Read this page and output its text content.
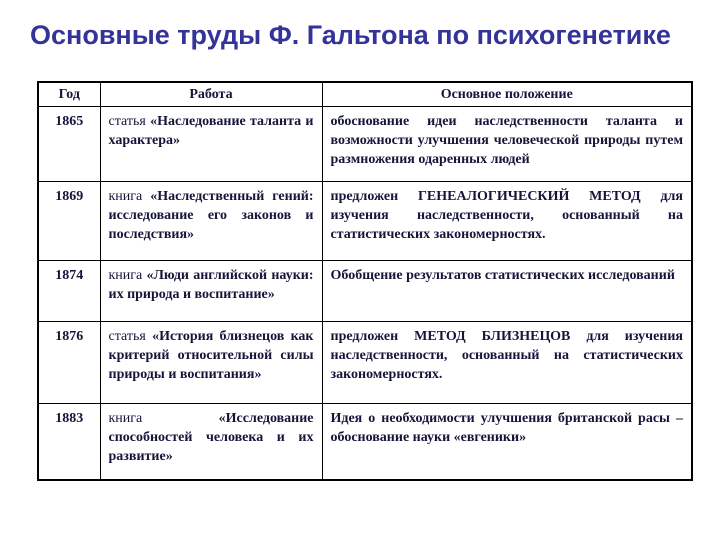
Основные труды Ф. Гальтона по психогенетике
Год	Работа	Основное положение
1865	статья «Наследование таланта и характера»	обоснование идеи наследственности таланта и возможности улучшения человеческой природы путем размножения одаренных людей
1869	книга «Наследственный гений: исследование его законов и последствия»	предложен ГЕНЕАЛОГИЧЕСКИЙ МЕТОД для изучения наследственности, основанный на статистических закономерностях.
1874	книга «Люди английской науки: их природа и воспитание»	Обобщение результатов статистических исследований
1876	статья «История близнецов как критерий относительной силы природы и воспитания»	предложен МЕТОД БЛИЗНЕЦОВ для изучения наследственности, основанный на статистических закономерностях.
1883	книга «Исследование способностей человека и их развитие»	Идея о необходимости улучшения британской расы – обоснование науки «евгеники»
